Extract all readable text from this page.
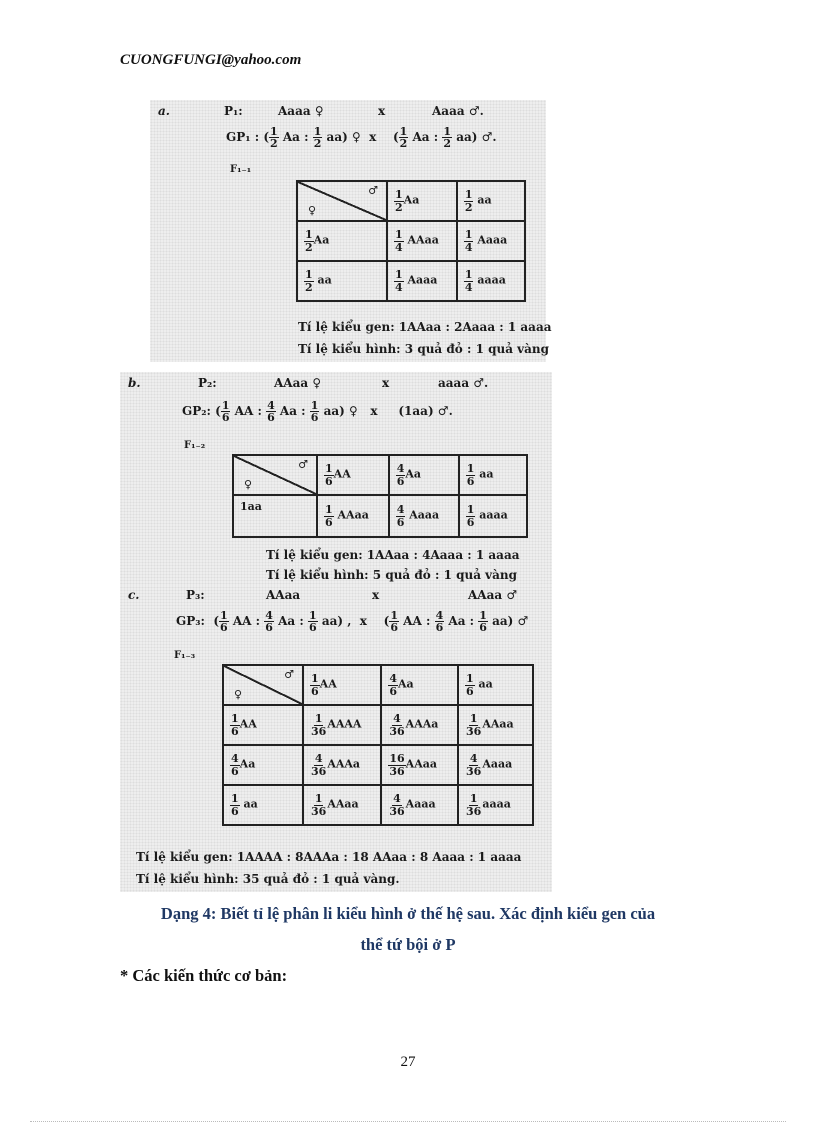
CUONGFUNGI@yahoo.com
a.	P₁:	Aaaa ♀	x	Aaaa ♂.
GP₁ : ( $\frac{1}{2}$ Aa : $\frac{1}{2} aa$) ♀  x    ( $\frac{1}{2}$ Aa : $\frac{1}{2} aa$) ♂.
F₁₋₁
♂
♀	$\frac{1}{2}$ Aa	$\frac{1}{2}$ aa

$\frac{1}{2}$ Aa	$\frac{1}{4}$ AAaa	$\frac{1}{4}$ Aaaa

$\frac{1}{2}$ aa	$\frac{1}{4}$ Aaaa	$\frac{1}{4}$ aaaa
Tí lệ kiểu gen: 1AAaa : 2Aaaa : 1 aaaa
Tí lệ kiểu hình: 3 quả đỏ : 1 quả vàng
b.	P₂:	AAaa ♀	x	aaaa ♂.
GP₂: ( $\frac{1}{6}$ AA : $\frac{4}{6}$ Aa : $\frac{1}{6} aa$) ♀   x     (1aa) ♂.
F₁₋₂
♂
♀	$\frac{1}{6}$ AA	$\frac{4}{6}$ Aa	$\frac{1}{6}$ aa
1aa	$\frac{1}{6}$ AAaa	$\frac{4}{6}$ Aaaa	$\frac{1}{6}$ aaaa
Tí lệ kiểu gen: 1AAaa : 4Aaaa : 1 aaaa
Tí lệ kiểu hình: 5 quả đỏ : 1 quả vàng
c.	P₃:	AAaa	x	AAaa ♂
GP₃:  ( $\frac{1}{6}$ AA : $\frac{4}{6}$ Aa : $\frac{1}{6} aa$) ,  x    ( $\frac{1}{6}$ AA : $\frac{4}{6}$ Aa : $\frac{1}{6} aa$) ♂
F₁₋₃
♂
♀	$\frac{1}{6}$ AA	$\frac{4}{6}$ Aa	$\frac{1}{6}$ aa

$\frac{1}{6}$ AA	$\frac{1}{36}$ AAAA	$\frac{4}{36}$ AAAa	$\frac{1}{36}$ AAaa

$\frac{4}{6}$ Aa	$\frac{4}{36}$ AAAa	$\frac{16}{36}$ AAaa	$\frac{4}{36}$ Aaaa

$\frac{1}{6}$ aa	$\frac{1}{36}$ AAaa	$\frac{4}{36}$ Aaaa	$\frac{1}{36}$ aaaa
Tí lệ kiểu gen: 1AAAA : 8AAAa : 18 AAaa : 8 Aaaa : 1 aaaa
Tí lệ kiểu hình: 35 quả đỏ : 1 quả vàng.
Dạng 4: Biết tỉ lệ phân li kiểu hình ở thế hệ sau. Xác định kiểu gen của
thể tứ bội ở P
* Các kiến thức cơ bản:
27
